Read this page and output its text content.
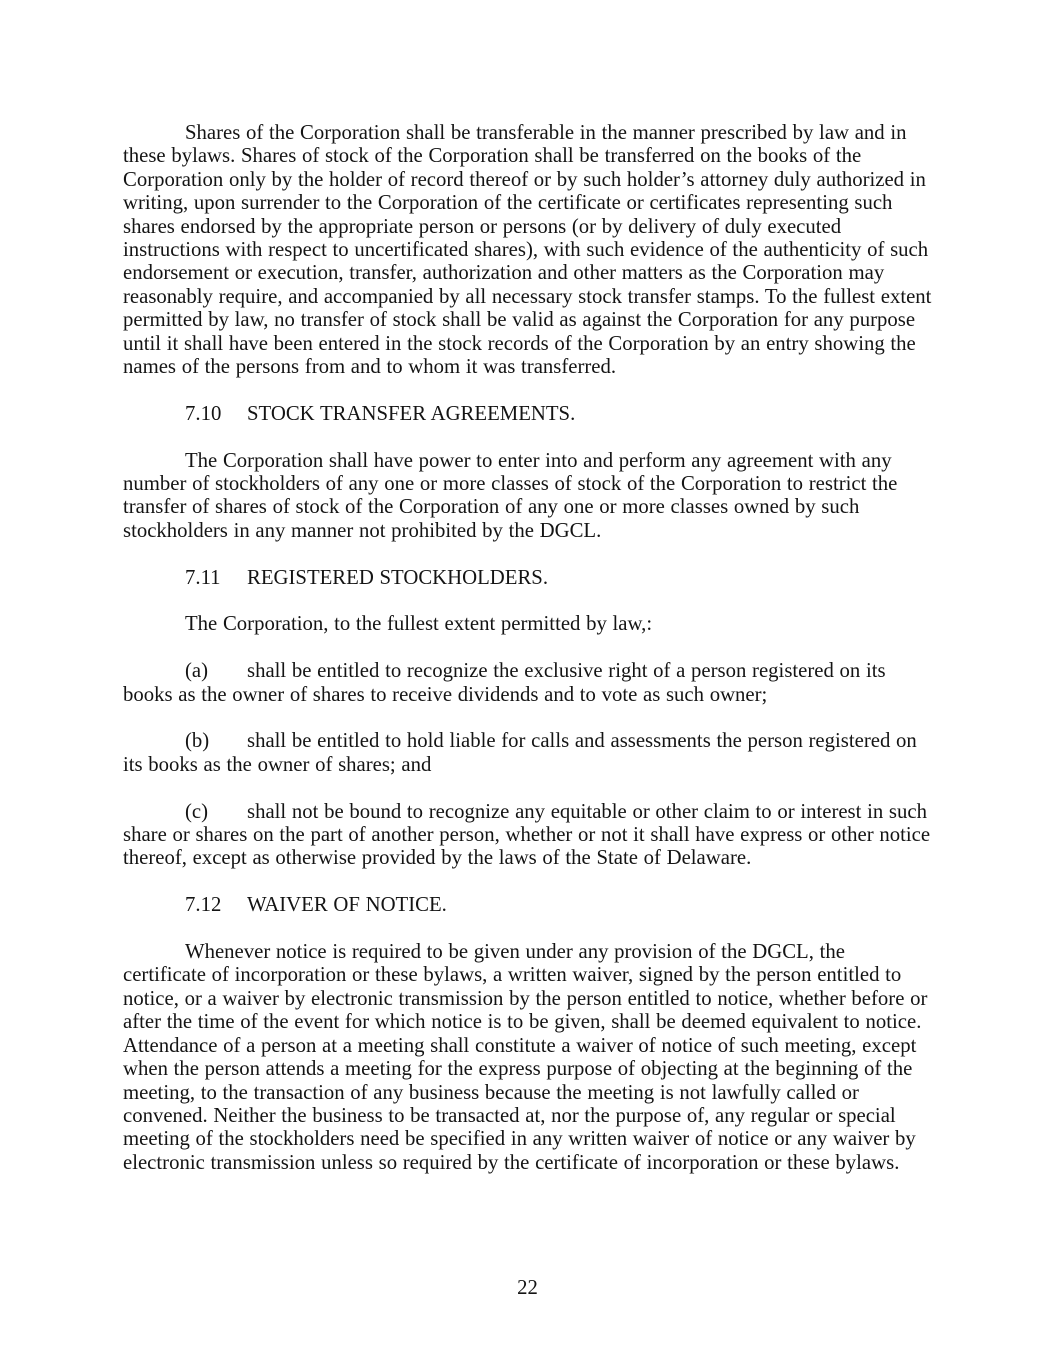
Shares of the Corporation shall be transferable in the manner prescribed by law and in these bylaws. Shares of stock of the Corporation shall be transferred on the books of the Corporation only by the holder of record thereof or by such holder’s attorney duly authorized in writing, upon surrender to the Corporation of the certificate or certificates representing such shares endorsed by the appropriate person or persons (or by delivery of duly executed instructions with respect to uncertificated shares), with such evidence of the authenticity of such endorsement or execution, transfer, authorization and other matters as the Corporation may reasonably require, and accompanied by all necessary stock transfer stamps. To the fullest extent permitted by law, no transfer of stock shall be valid as against the Corporation for any purpose until it shall have been entered in the stock records of the Corporation by an entry showing the names of the persons from and to whom it was transferred.

7.10 STOCK TRANSFER AGREEMENTS.

The Corporation shall have power to enter into and perform any agreement with any number of stockholders of any one or more classes of stock of the Corporation to restrict the transfer of shares of stock of the Corporation of any one or more classes owned by such stockholders in any manner not prohibited by the DGCL.

7.11 REGISTERED STOCKHOLDERS.

The Corporation, to the fullest extent permitted by law,:

(a) shall be entitled to recognize the exclusive right of a person registered on its books as the owner of shares to receive dividends and to vote as such owner;

(b) shall be entitled to hold liable for calls and assessments the person registered on its books as the owner of shares; and

(c) shall not be bound to recognize any equitable or other claim to or interest in such share or shares on the part of another person, whether or not it shall have express or other notice thereof, except as otherwise provided by the laws of the State of Delaware.

7.12 WAIVER OF NOTICE.

Whenever notice is required to be given under any provision of the DGCL, the certificate of incorporation or these bylaws, a written waiver, signed by the person entitled to notice, or a waiver by electronic transmission by the person entitled to notice, whether before or after the time of the event for which notice is to be given, shall be deemed equivalent to notice. Attendance of a person at a meeting shall constitute a waiver of notice of such meeting, except when the person attends a meeting for the express purpose of objecting at the beginning of the meeting, to the transaction of any business because the meeting is not lawfully called or convened. Neither the business to be transacted at, nor the purpose of, any regular or special meeting of the stockholders need be specified in any written waiver of notice or any waiver by electronic transmission unless so required by the certificate of incorporation or these bylaws.

22
